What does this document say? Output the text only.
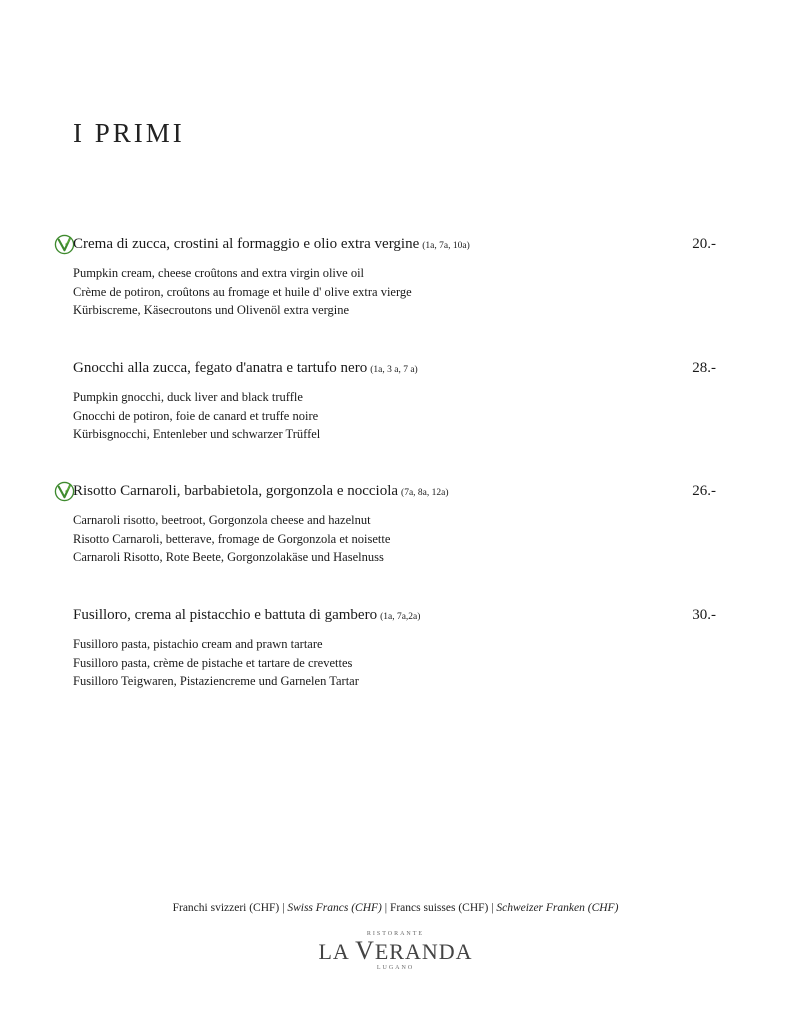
I PRIMI
Crema di zucca, crostini al formaggio e olio extra vergine (1a, 7a, 10a)	20.-
Pumpkin cream, cheese croûtons and extra virgin olive oil
Crème de potiron, croûtons au fromage et huile d' olive extra vierge
Kürbiscreme, Käsecroutons und Olivenöl extra vergine
Gnocchi alla zucca, fegato d'anatra e tartufo nero (1a, 3 a, 7 a)	28.-
Pumpkin gnocchi, duck liver and black truffle
Gnocchi de potiron, foie de canard et truffe noire
Kürbisgnocchi, Entenleber und schwarzer Trüffel
Risotto Carnaroli, barbabietola, gorgonzola e nocciola (7a, 8a, 12a)	26.-
Carnaroli risotto, beetroot, Gorgonzola cheese and hazelnut
Risotto Carnaroli, betterave, fromage de Gorgonzola et noisette
Carnaroli Risotto, Rote Beete, Gorgonzolakäse und Haselnuss
Fusilloro, crema al pistacchio e battuta di gambero (1a, 7a,2a)	30.-
Fusilloro pasta, pistachio cream and prawn tartare
Fusilloro pasta, crème de pistache et tartare de crevettes
Fusilloro Teigwaren, Pistaziencreme und Garnelen Tartar
Franchi svizzeri (CHF) | Swiss Francs (CHF) | Francs suisses (CHF) | Schweizer Franken (CHF)
RISTORANTE
LA VERANDA
LUGANO
